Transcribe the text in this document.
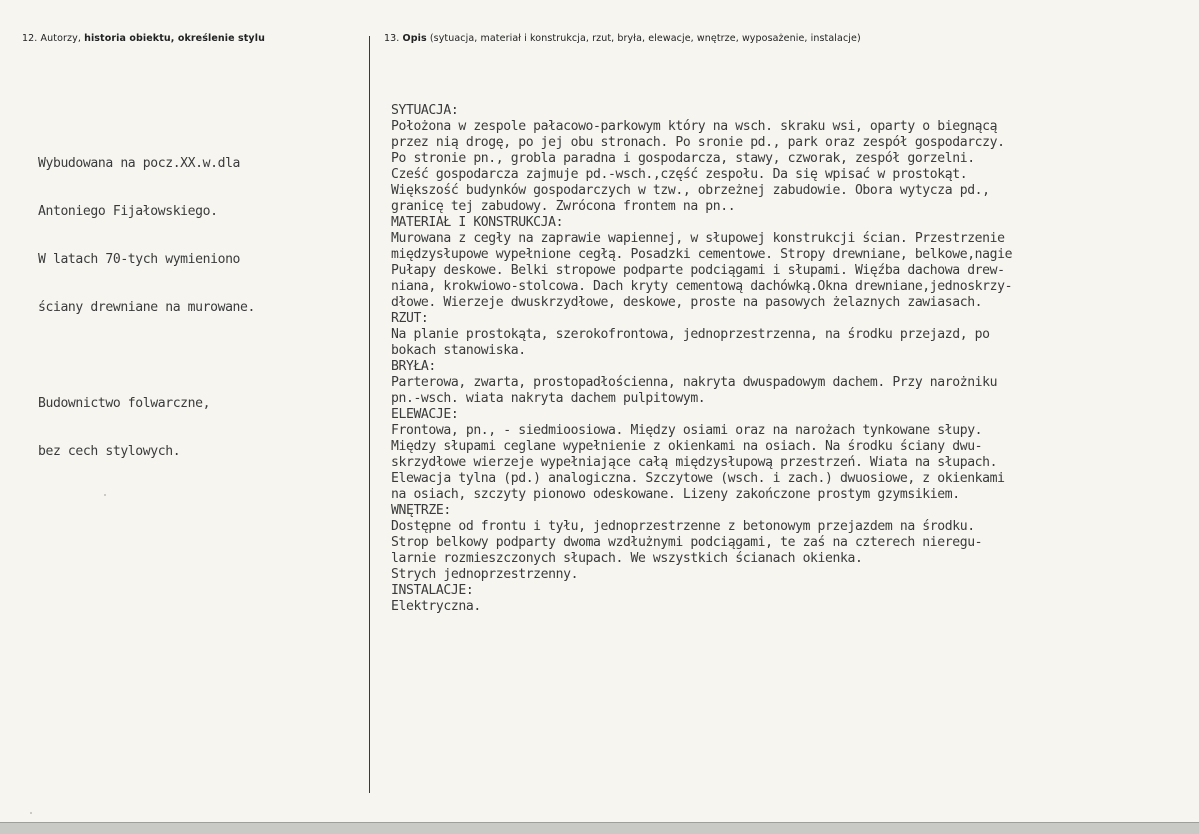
12. Autorzy, historia obiektu, określenie stylu	13. Opis (sytuacja, materiał i konstrukcja, rzut, bryła, elewacje, wnętrze, wyposażenie, instalacje)

Wybudowana na pocz.XX.w.dla

Antoniego Fijałowskiego.

W latach 70-tych wymieniono

ściany drewniane na murowane.

Budownictwo folwarczne,

bez cech stylowych.

SYTUACJA:
Położona w zespole pałacowo-parkowym który na wsch. skraku wsi, oparty o biegnącą
przez nią drogę, po jej obu stronach. Po sronie pd., park oraz zespół gospodarczy.
Po stronie pn., grobla paradna i gospodarcza, stawy, czworak, zespół gorzelni.
Cześć gospodarcza zajmuje pd.-wsch.,część zespołu. Da się wpisać w prostokąt.
Większość budynków gospodarczych w tzw., obrzeżnej zabudowie. Obora wytycza pd.,
granicę tej zabudowy. Zwrócona frontem na pn..
MATERIAŁ I KONSTRUKCJA:
Murowana z cegły na zaprawie wapiennej, w słupowej konstrukcji ścian. Przestrzenie
międzysłupowe wypełnione cegłą. Posadzki cementowe. Stropy drewniane, belkowe,nagie
Pułapy deskowe. Belki stropowe podparte podciągami i słupami. Więźba dachowa drew-
niana, krokwiowo-stolcowa. Dach kryty cementową dachówką.Okna drewniane,jednoskrzy-
dłowe. Wierzeje dwuskrzydłowe, deskowe, proste na pasowych żelaznych zawiasach.
RZUT:
Na planie prostokąta, szerokofrontowa, jednoprzestrzenna, na środku przejazd, po
bokach stanowiska.
BRYŁA:
Parterowa, zwarta, prostopadłościenna, nakryta dwuspadowym dachem. Przy narożniku
pn.-wsch. wiata nakryta dachem pulpitowym.
ELEWACJE:
Frontowa, pn., - siedmioosiowa. Między osiami oraz na narożach tynkowane słupy.
Między słupami ceglane wypełnienie z okienkami na osiach. Na środku ściany dwu-
skrzydłowe wierzeje wypełniające całą międzysłupową przestrzeń. Wiata na słupach.
Elewacja tylna (pd.) analogiczna. Szczytowe (wsch. i zach.) dwuosiowe, z okienkami
na osiach, szczyty pionowo odeskowane. Lizeny zakończone prostym gzymsikiem.
WNĘTRZE:
Dostępne od frontu i tyłu, jednoprzestrzenne z betonowym przejazdem na środku.
Strop belkowy podparty dwoma wzdłużnymi podciągami, te zaś na czterech nieregu-
larnie rozmieszczonych słupach. We wszystkich ścianach okienka.
Strych jednoprzestrzenny.
INSTALACJE:
Elektryczna.
